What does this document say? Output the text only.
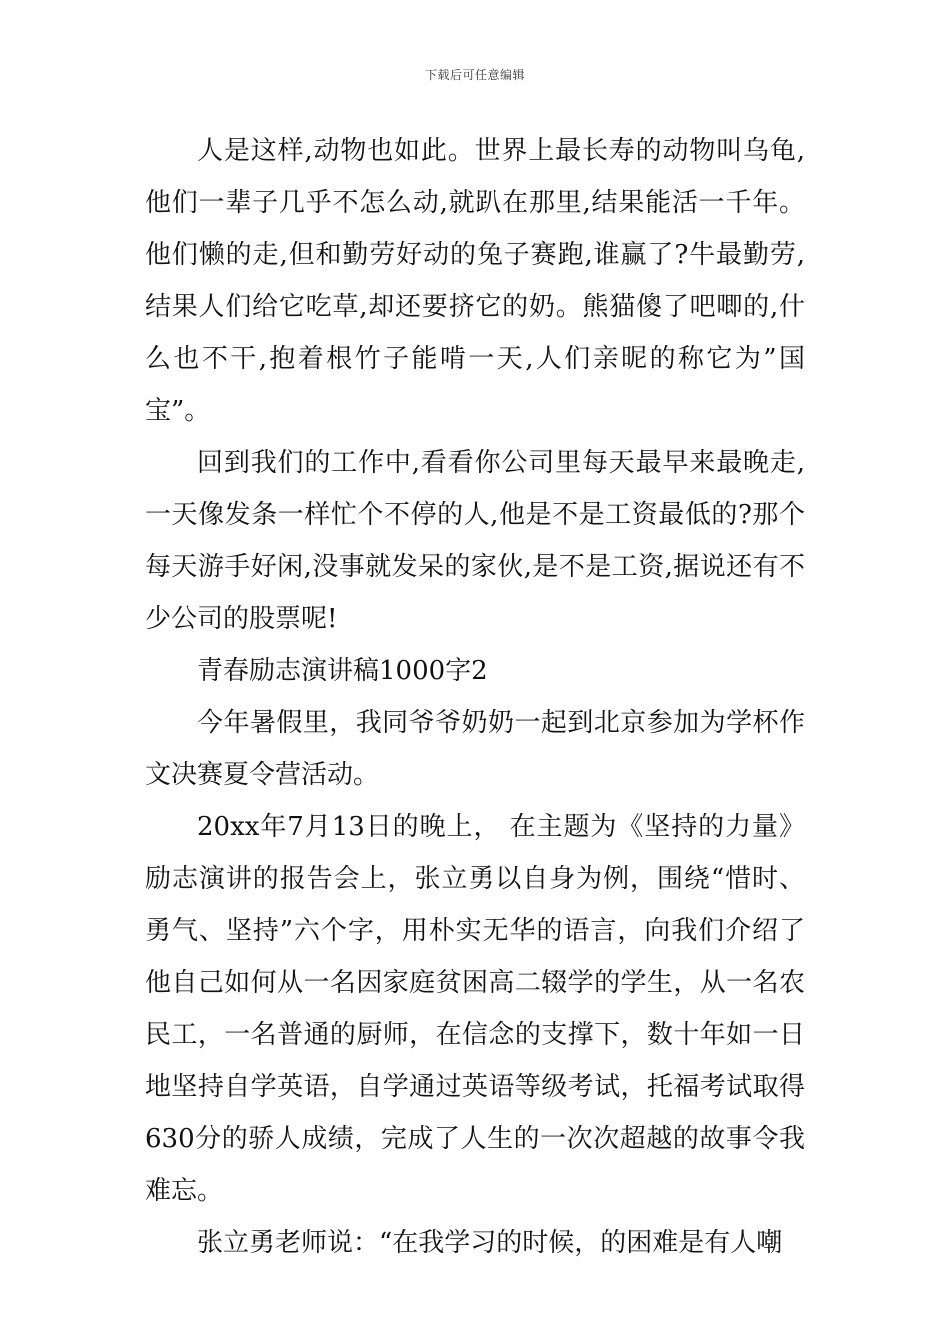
下载后可任意编辑

人是这样,动物也如此。世界上最长寿的动物叫乌龟,他们一辈子几乎不怎么动,就趴在那里,结果能活一千年。他们懒的走,但和勤劳好动的兔子赛跑,谁赢了?牛最勤劳,结果人们给它吃草,却还要挤它的奶。熊猫傻了吧唧的,什么也不干,抱着根竹子能啃一天,人们亲昵的称它为”国宝”。

回到我们的工作中,看看你公司里每天最早来最晚走,一天像发条一样忙个不停的人,他是不是工资最低的?那个每天游手好闲,没事就发呆的家伙,是不是工资,据说还有不少公司的股票呢!

青春励志演讲稿1000字2

今年暑假里，我同爷爷奶奶一起到北京参加为学杯作文决赛夏令营活动。

20xx年7月13日的晚上， 在主题为《坚持的力量》励志演讲的报告会上，张立勇以自身为例，围绕“惜时、勇气、坚持”六个字，用朴实无华的语言，向我们介绍了他自己如何从一名因家庭贫困高二辍学的学生，从一名农民工，一名普通的厨师，在信念的支撑下，数十年如一日地坚持自学英语，自学通过英语等级考试，托福考试取得630分的骄人成绩，完成了人生的一次次超越的故事令我难忘。

张立勇老师说：“在我学习的时候，的困难是有人嘲
